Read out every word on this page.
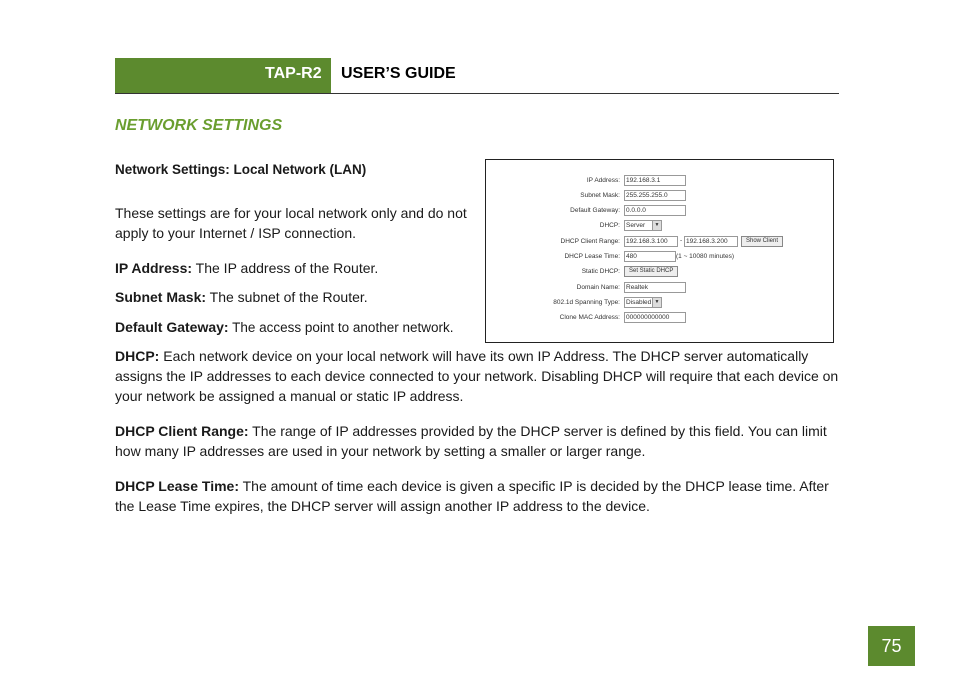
TAP-R2 USER’S GUIDE
NETWORK SETTINGS
Network Settings: Local Network (LAN)

These settings are for your local network only and do not apply to your Internet / ISP connection.

IP Address: The IP address of the Router.

Subnet Mask: The subnet of the Router.

Default Gateway: The access point to another network.

DHCP: Each network device on your local network will have its own IP Address. The DHCP server automatically assigns the IP addresses to each device connected to your network. Disabling DHCP will require that each device on your network be assigned a manual or static IP address.

DHCP Client Range: The range of IP addresses provided by the DHCP server is defined by this field. You can limit how many IP addresses are used in your network by setting a smaller or larger range.

DHCP Lease Time: The amount of time each device is given a specific IP is decided by the DHCP lease time. After the Lease Time expires, the DHCP server will assign another IP address to the device.

IP Address: 192.168.3.1
Subnet Mask: 255.255.255.0
Default Gateway: 0.0.0.0
DHCP: Server	▼
DHCP Client Range: 192.168.3.100	- 192.168.3.200	Show Client
DHCP Lease Time: 480	(1 ~ 10080 minutes)
Static DHCP:	Set Static DHCP
Domain Name: Realtek
802.1d Spanning Type: Disabled ▼
Clone MAC Address: 000000000000
75
